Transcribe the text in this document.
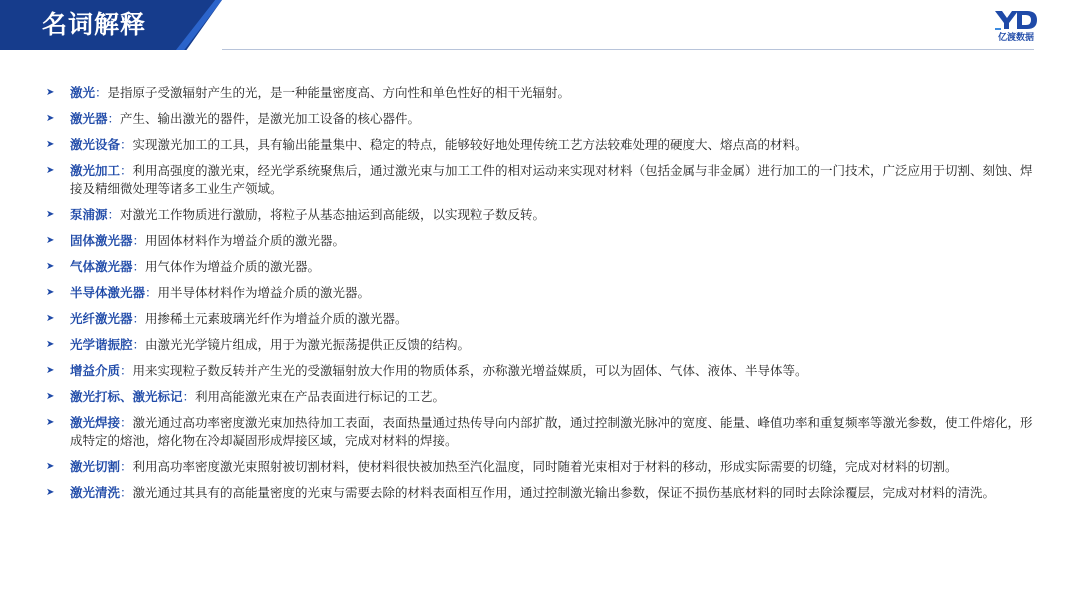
名词解释	亿渡数据
➤ 激光：是指原子受激辐射产生的光，是一种能量密度高、方向性和单色性好的相干光辐射。
➤ 激光器：产生、输出激光的器件，是激光加工设备的核心器件。
➤ 激光设备：实现激光加工的工具，具有输出能量集中、稳定的特点，能够较好地处理传统工艺方法较难处理的硬度大、熔点高的材料。
➤ 激光加工：利用高强度的激光束，经光学系统聚焦后，通过激光束与加工工件的相对运动来实现对材料（包括金属与非金属）进行加工的一门技术，广泛应用于切割、刻蚀、焊接及精细微处理等诸多工业生产领域。
➤ 泵浦源：对激光工作物质进行激励，将粒子从基态抽运到高能级，以实现粒子数反转。
➤ 固体激光器：用固体材料作为增益介质的激光器。
➤ 气体激光器：用气体作为增益介质的激光器。
➤ 半导体激光器：用半导体材料作为增益介质的激光器。
➤ 光纤激光器：用掺稀土元素玻璃光纤作为增益介质的激光器。
➤ 光学谐振腔：由激光光学镜片组成，用于为激光振荡提供正反馈的结构。
➤ 增益介质：用来实现粒子数反转并产生光的受激辐射放大作用的物质体系，亦称激光增益媒质，可以为固体、气体、液体、半导体等。
➤ 激光打标、激光标记：利用高能激光束在产品表面进行标记的工艺。
➤ 激光焊接：激光通过高功率密度激光束加热待加工表面，表面热量通过热传导向内部扩散，通过控制激光脉冲的宽度、能量、峰值功率和重复频率等激光参数，使工件熔化，形成特定的熔池，熔化物在冷却凝固形成焊接区域，完成对材料的焊接。
➤ 激光切割：利用高功率密度激光束照射被切割材料，使材料很快被加热至汽化温度，同时随着光束相对于材料的移动，形成实际需要的切缝，完成对材料的切割。
➤ 激光清洗：激光通过其具有的高能量密度的光束与需要去除的材料表面相互作用，通过控制激光输出参数，保证不损伤基底材料的同时去除涂覆层，完成对材料的清洗。
